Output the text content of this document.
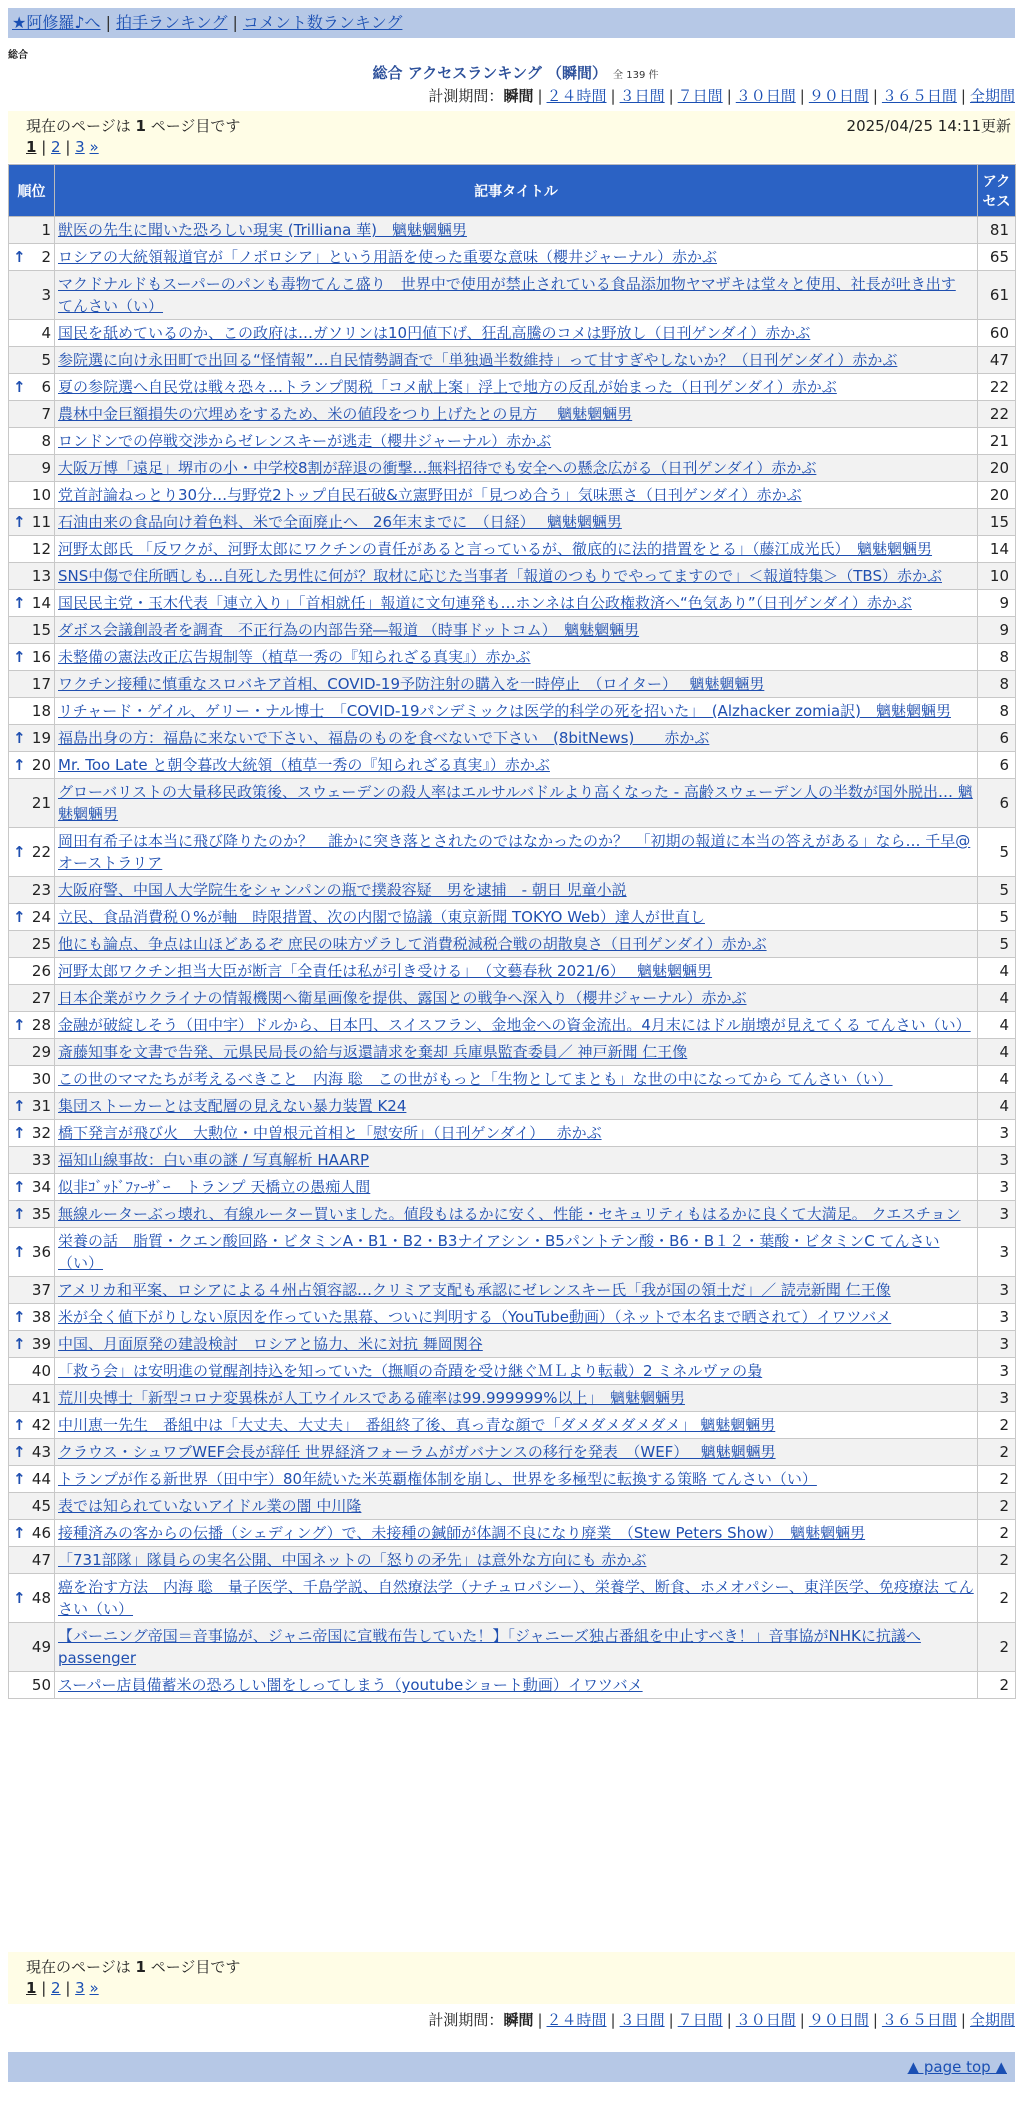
★阿修羅♪へ | 拍手ランキング | コメント数ランキング
総合
総合 アクセスランキング （瞬間） 全 139 件
計測期間：瞬間 | ２４時間 | ３日間 | ７日間 | ３０日間 | ９０日間 | ３６５日間 | 全期間
現在のページは 1 ページ目です	2025/04/25 14:11更新
1 | 2 | 3 »
順位	記事タイトル	アクセス
1	獣医の先生に聞いた恐ろしい現実 (Trilliana 華)　魑魅魍魎男	81

↑ 2	ロシアの大統領報道官が「ノボロシア」という用語を使った重要な意味（櫻井ジャーナル）赤かぶ	65
3	マクドナルドもスーパーのパンも毒物てんこ盛り　世界中で使用が禁止されている食品添加物ヤマザキは堂々と使用、社長が吐き出す てんさい（い）	61
4	国民を舐めているのか、この政府は…ガソリンは10円値下げ、狂乱高騰のコメは野放し（日刊ゲンダイ）赤かぶ	60
5	参院選に向け永田町で出回る“怪情報”…自民情勢調査で「単独過半数維持」って甘すぎやしないか？（日刊ゲンダイ）赤かぶ	47

↑ 6	夏の参院選へ自民党は戦々恐々…トランプ関税「コメ献上案」浮上で地方の反乱が始まった（日刊ゲンダイ）赤かぶ	22
7	農林中金巨額損失の穴埋めをするため、米の値段をつり上げたとの見方　 魑魅魍魎男	22
8	ロンドンでの停戦交渉からゼレンスキーが逃走（櫻井ジャーナル）赤かぶ	21
9	大阪万博「遠足」堺市の小・中学校8割が辞退の衝撃…無料招待でも安全への懸念広がる（日刊ゲンダイ）赤かぶ	20
10	党首討論ねっとり30分…与野党2トップ自民石破&立憲野田が「見つめ合う」気味悪さ（日刊ゲンダイ）赤かぶ	20

↑ 11	石油由来の食品向け着色料、米で全面廃止へ　26年末までに　（日経）　 魑魅魍魎男	15
12	河野太郎氏 「反ワクが、河野太郎にワクチンの責任があると言っているが、徹底的に法的措置をとる」（藤江成光氏）　魑魅魍魎男	14
13	SNS中傷で住所晒しも…自死した男性に何が？取材に応じた当事者「報道のつもりでやってますので」＜報道特集＞（TBS）赤かぶ	10

↑ 14	国民民主党・玉木代表「連立入り」「首相就任」報道に文句連発も…ホンネは自公政権救済へ“色気あり”（日刊ゲンダイ）赤かぶ	9
15	ダボス会議創設者を調査　不正行為の内部告発―報道 （時事ドットコム）　魑魅魍魎男	9

↑ 16	未整備の憲法改正広告規制等（植草一秀の『知られざる真実』）赤かぶ	8
17	ワクチン接種に慎重なスロバキア首相、COVID-19予防注射の購入を一時停止　（ロイター）　 魑魅魍魎男	8
18	リチャード・ゲイル、ゲリー・ナル博士　「COVID-19パンデミックは医学的科学の死を招いた」　(Alzhacker zomia訳)　魑魅魍魎男	8

↑ 19	福島出身の方：福島に来ないで下さい、福島のものを食べないで下さい　(8bitNews)　　赤かぶ	6

↑ 20	Mr. Too Late と朝令暮改大統領（植草一秀の『知られざる真実』）赤かぶ	6
21	グローバリストの大量移民政策後、スウェーデンの殺人率はエルサルバドルより高くなった - 高齢スウェーデン人の半数が国外脱出… 魑魅魍魎男	6

↑ 22	岡田有希子は本当に飛び降りたのか？　誰かに突き落とされたのではなかったのか？　「初期の報道に本当の答えがある」なら… 千早@オーストラリア	5
23	大阪府警、中国人大学院生をシャンパンの瓶で撲殺容疑　男を逮捕　- 朝日 児童小説	5

↑ 24	立民、食品消費税０%が軸　時限措置、次の内閣で協議（東京新聞 TOKYO Web）達人が世直し	5
25	他にも論点、争点は山ほどあるぞ 庶民の味方ヅラして消費税減税合戦の胡散臭さ（日刊ゲンダイ）赤かぶ	5
26	河野太郎ワクチン担当大臣が断言「全責任は私が引き受ける」　（文藝春秋 2021/6）　 魑魅魍魎男	4
27	日本企業がウクライナの情報機関へ衛星画像を提供、露国との戦争へ深入り（櫻井ジャーナル）赤かぶ	4

↑ 28	金融が破綻しそう（田中宇）ドルから、日本円、スイスフラン、金地金への資金流出。4月末にはドル崩壊が見えてくる てんさい（い）	4
29	斎藤知事を文書で告発、元県民局長の給与返還請求を棄却 兵庫県監査委員／ 神戸新聞 仁王像	4
30	この世のママたちが考えるべきこと　内海 聡　この世がもっと「生物としてまとも」な世の中になってから てんさい（い）	4

↑ 31	集団ストーカーとは支配層の見えない暴力装置 K24	4

↑ 32	橋下発言が飛び火　大勲位・中曽根元首相と「慰安所」（日刊ゲンダイ）　 赤かぶ	3
33	福知山線事故：白い車の謎 / 写真解析 HAARP	3

↑ 34	似非ｺﾞｯﾄﾞﾌｧｰｻﾞｰ　トランプ 天橋立の愚痴人間	3

↑ 35	無線ルーターぶっ壊れ、有線ルーター買いました。値段もはるかに安く、性能・セキュリティもはるかに良くて大満足。 クエスチョン	3

↑ 36	栄養の話　脂質・クエン酸回路・ビタミンA・B1・B2・B3ナイアシン・B5パントテン酸・B6・B１２・葉酸・ビタミンC てんさい（い）	3
37	アメリカ和平案、ロシアによる４州占領容認…クリミア支配も承認にゼレンスキー氏「我が国の領土だ」／ 読売新聞 仁王像	3

↑ 38	米が全く値下がりしない原因を作っていた黒幕、ついに判明する（YouTube動画）（ネットで本名まで晒されて）イワツバメ	3

↑ 39	中国、月面原発の建設検討　ロシアと協力、米に対抗 舞岡関谷	3
40	「救う会」は安明進の覚醒剤持込を知っていた（撫順の奇蹟を受け継ぐＭＬより転載）2 ミネルヴァの梟	3
41	荒川央博士「新型コロナ変異株が人工ウイルスである確率は99.999999%以上」　魑魅魍魎男	3

↑ 42	中川恵一先生　番組中は「大丈夫、大丈夫」　番組終了後、真っ青な顔で「ダメダメダメダメ」 魑魅魍魎男	2

↑ 43	クラウス・シュワブWEF会長が辞任 世界経済フォーラムがガバナンスの移行を発表　（WEF）　 魑魅魍魎男	2

↑ 44	トランプが作る新世界（田中宇）80年続いた米英覇権体制を崩し、世界を多極型に転換する策略 てんさい（い）	2
45	表では知られていないアイドル業の闇 中川隆	2

↑ 46	接種済みの客からの伝播（シェディング）で、未接種の鍼師が体調不良になり廃業　（Stew Peters Show）　魑魅魍魎男	2
47	「731部隊」隊員らの実名公開、中国ネットの「怒りの矛先」は意外な方向にも 赤かぶ	2

↑ 48	癌を治す方法　内海 聡　量子医学、千島学説、自然療法学（ナチュロパシー）、栄養学、断食、ホメオパシー、東洋医学、免疫療法 てんさい（い）	2
49	【バーニング帝国＝音事協が、ジャニ帝国に宣戦布告していた！】「ジャニーズ独占番組を中止すべき！」音事協がNHKに抗議へ passenger	2
50	スーパー店員備蓄米の恐ろしい闇をしってしまう（youtubeショート動画）イワツバメ	2
現在のページは 1 ページ目です
1 | 2 | 3 »
計測期間：瞬間 | ２４時間 | ３日間 | ７日間 | ３０日間 | ９０日間 | ３６５日間 | 全期間
▲ page top ▲
